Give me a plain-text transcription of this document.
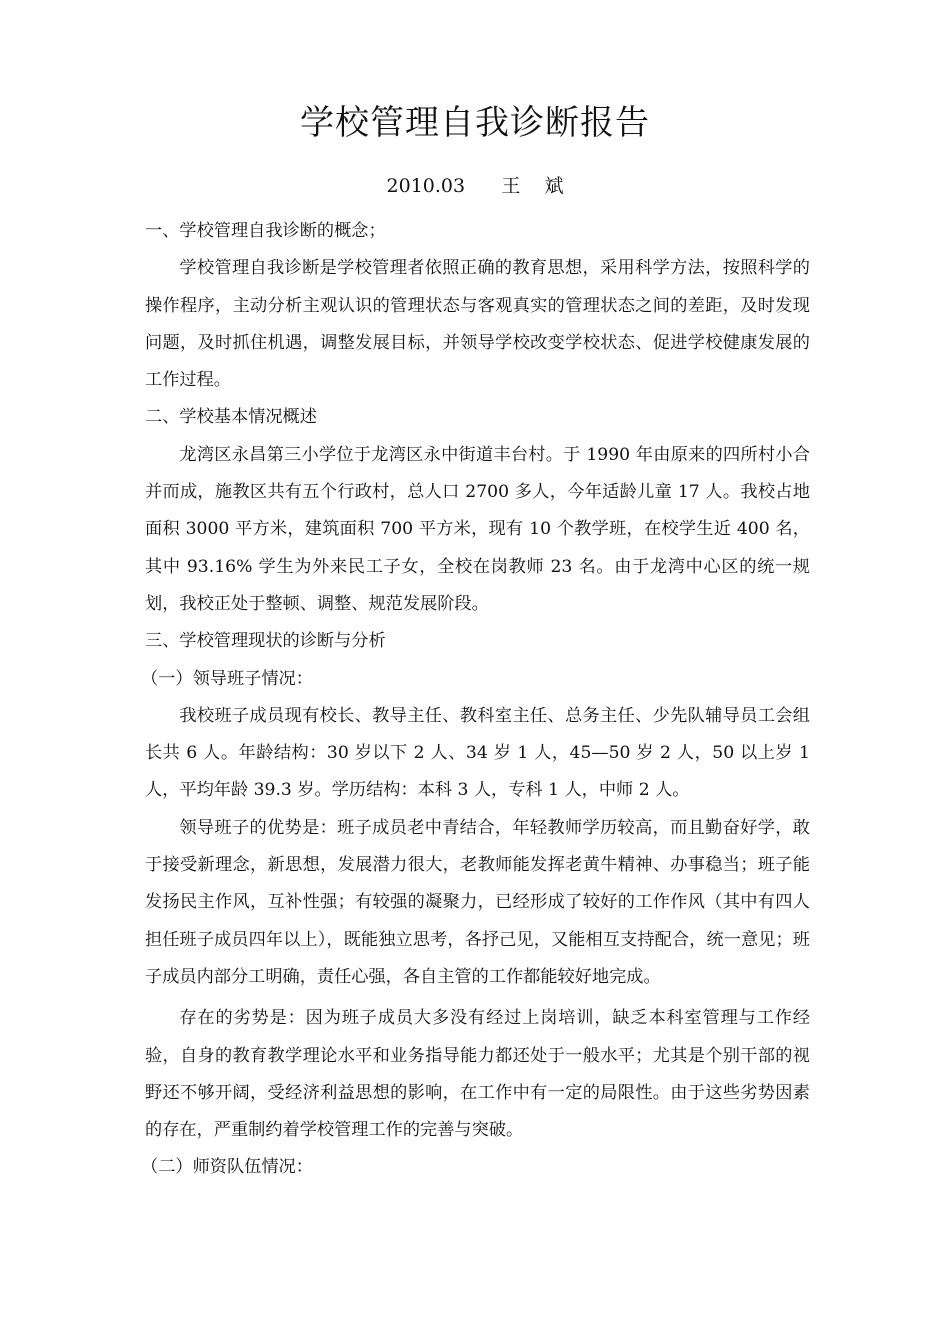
学校管理自我诊断报告
2010.03      王    斌

一、学校管理自我诊断的概念；

学校管理自我诊断是学校管理者依照正确的教育思想，采用科学方法，按照科学的操作程序，主动分析主观认识的管理状态与客观真实的管理状态之间的差距，及时发现问题，及时抓住机遇，调整发展目标，并领导学校改变学校状态、促进学校健康发展的工作过程。

二、学校基本情况概述

龙湾区永昌第三小学位于龙湾区永中街道丰台村。于 1990 年由原来的四所村小合并而成，施教区共有五个行政村，总人口 2700 多人，今年适龄儿童 17 人。我校占地面积 3000 平方米，建筑面积 700 平方米，现有 10 个教学班，在校学生近 400 名，其中 93.16% 学生为外来民工子女，全校在岗教师 23 名。由于龙湾中心区的统一规划，我校正处于整顿、调整、规范发展阶段。

三、学校管理现状的诊断与分析

（一）领导班子情况：

我校班子成员现有校长、教导主任、教科室主任、总务主任、少先队辅导员工会组长共 6 人。年龄结构：30 岁以下 2 人、34 岁 1 人，45—50 岁 2 人，50 以上岁 1 人，平均年龄 39.3 岁。学历结构：本科 3 人，专科 1 人，中师 2 人。

领导班子的优势是：班子成员老中青结合，年轻教师学历较高，而且勤奋好学，敢于接受新理念，新思想，发展潜力很大，老教师能发挥老黄牛精神、办事稳当；班子能发扬民主作风，互补性强；有较强的凝聚力，已经形成了较好的工作作风（其中有四人担任班子成员四年以上），既能独立思考，各抒己见，又能相互支持配合，统一意见；班子成员内部分工明确，责任心强，各自主管的工作都能较好地完成。

存在的劣势是：因为班子成员大多没有经过上岗培训，缺乏本科室管理与工作经验，自身的教育教学理论水平和业务指导能力都还处于一般水平；尤其是个别干部的视野还不够开阔，受经济利益思想的影响，在工作中有一定的局限性。由于这些劣势因素的存在，严重制约着学校管理工作的完善与突破。

（二）师资队伍情况：
